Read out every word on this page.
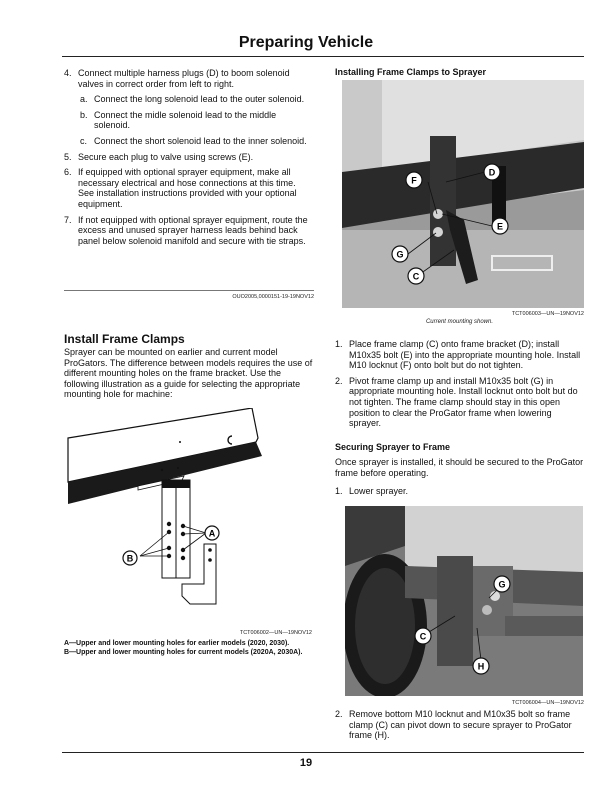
Preparing Vehicle
4. Connect multiple harness plugs (D) to boom solenoid valves in correct order from left to right.
a. Connect the long solenoid lead to the outer solenoid.
b. Connect the midle solenoid lead to the middle solenoid.
c. Connect the short solenoid lead to the inner solenoid.
5. Secure each plug to valve using screws (E).
6. If equipped with optional sprayer equipment, make all necessary electrical and hose connections at this time. See installation instructions provided with your optional equipment.
7. If not equipped with optional sprayer equipment, route the excess and unused sprayer harness leads behind back panel below solenoid manifold and secure with tie straps.
OUO2005,0000151-19-19NOV12
Install Frame Clamps
Sprayer can be mounted on earlier and current model ProGators. The difference between models requires the use of different mounting holes on the frame bracket. Use the following illustration as a guide for selecting the appropriate mounting hole for machine:
A
B
TCT006002—UN—19NOV12
A—Upper and lower mounting holes for earlier models (2020, 2030).
B—Upper and lower mounting holes for current models (2020A, 2030A).
Installing Frame Clamps to Sprayer
F
D
E
G
C
TCT006003—UN—19NOV12
Current mounting shown.
1. Place frame clamp (C) onto frame bracket (D); install M10x35 bolt (E) into the appropriate mounting hole. Install M10 locknut (F) onto bolt but do not tighten.
2. Pivot frame clamp up and install M10x35 bolt (G) in appropriate mounting hole. Install locknut onto bolt but do not tighten. The frame clamp should stay in this open position to clear the ProGator frame when lowering sprayer.
Securing Sprayer to Frame
Once sprayer is installed, it should be secured to the ProGator frame before operating.
1. Lower sprayer.
G
C
H
TCT006004—UN—19NOV12
2. Remove bottom M10 locknut and M10x35 bolt so frame clamp (C) can pivot down to secure sprayer to ProGator frame (H).
19
